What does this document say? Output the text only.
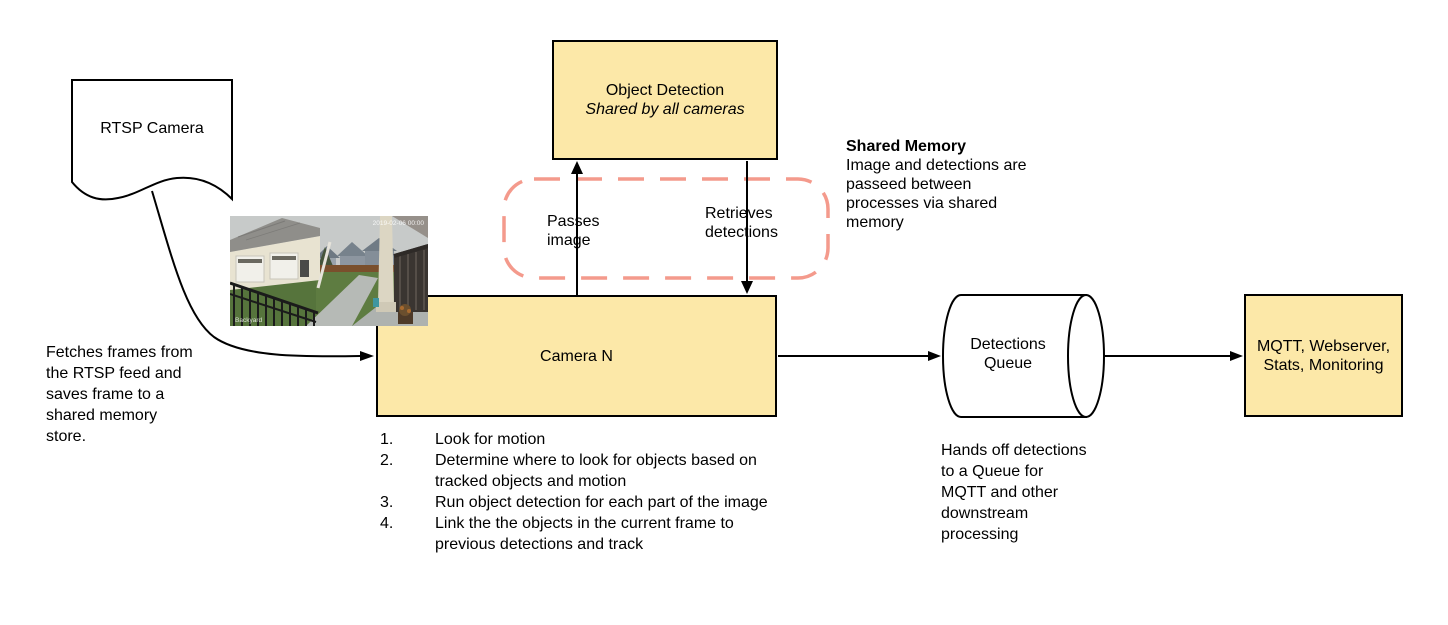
2019-02-06 00:00
Backyard
RTSP Camera
Object Detection
Shared by all cameras
Camera N
MQTT, Webserver, Stats, Monitoring
Detections Queue
Passes image
Retrieves detections
Fetches frames from
the RTSP feed and
saves frame to a
shared memory
store.
Shared Memory
Image and detections are
passeed between
processes via shared
memory
Hands off detections
to a Queue for
MQTT and other
downstream
processing
Look for motion
Determine where to look for objects based on tracked objects and motion
Run object detection for each part of the image
Link the the objects in the current frame to previous detections and track
